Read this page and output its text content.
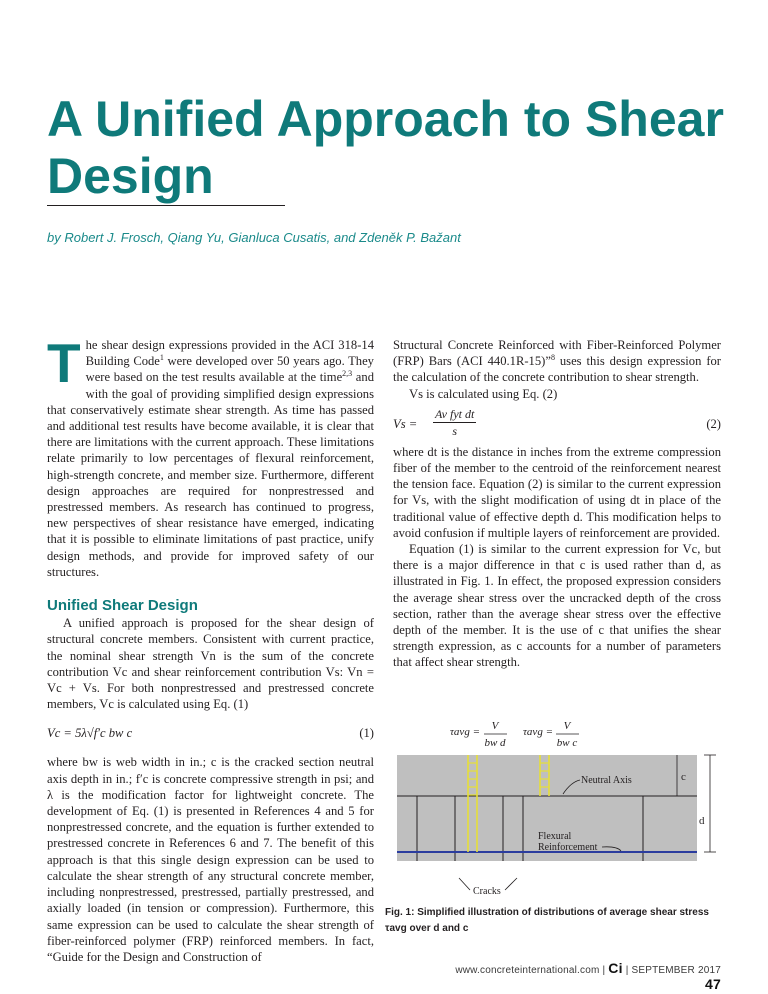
A Unified Approach to Shear Design
by Robert J. Frosch, Qiang Yu, Gianluca Cusatis, and Zdeněk P. Bažant

The shear design expressions provided in the ACI 318-14 Building Code$^1$ were developed over 50 years ago. They were based on the test results available at the time$^{2,3}$ and with the goal of providing simplified design expressions that conservatively estimate shear strength. As time has passed and additional test results have become available, it is clear that there are limitations with the current approach. These limitations relate primarily to low percentages of flexural reinforcement, high-strength concrete, and member size. Furthermore, different design approaches are required for nonprestressed and prestressed members. As research has continued to progress, new perspectives of shear resistance have emerged, indicating that it is possible to eliminate limitations of past practice, unify design methods, and provide for improved safety of our structures.

Unified Shear Design

A unified approach is proposed for the shear design of structural concrete members. Consistent with current practice, the nominal shear strength Vn is the sum of the concrete contribution Vc and shear reinforcement contribution Vs: Vn = Vc + Vs. For both nonprestressed and prestressed concrete members, Vc is calculated using Eq. (1)

Vc = 5λ√f′c bw c	(1)

where bw is web width in in.; c is the cracked section neutral axis depth in in.; f′c is concrete compressive strength in psi; and λ is the modification factor for lightweight concrete. The development of Eq. (1) is presented in References 4 and 5 for nonprestressed concrete, and the equation is further extended to prestressed concrete in References 6 and 7. The benefit of this approach is that this single design expression can be used to calculate the shear strength of any structural concrete member, including nonprestressed, prestressed, partially prestressed, and axially loaded (in tension or compression). Furthermore, this same expression can be used to calculate the shear strength of fiber-reinforced polymer (FRP) reinforced members. In fact, “Guide for the Design and Construction of

Structural Concrete Reinforced with Fiber-Reinforced Polymer (FRP) Bars (ACI 440.1R-15)”$^8$ uses this design expression for the calculation of the concrete contribution to shear strength.

Vs is calculated using Eq. (2)

Vs =
Av fyt dt
s
(2)

where dt is the distance in inches from the extreme compression fiber of the member to the centroid of the reinforcement nearest the tension face. Equation (2) is similar to the current expression for Vs, with the slight modification of using dt in place of the traditional value of effective depth d. This modification helps to avoid confusion if multiple layers of reinforcement are provided.

Equation (1) is similar to the current expression for Vc, but there is a major difference in that c is used rather than d, as illustrated in Fig. 1. In effect, the proposed expression considers the average shear stress over the uncracked depth of the cross section, rather than the average shear stress over the effective depth of the member. It is the use of c that unifies the shear strength expression, as c accounts for a number of parameters that affect shear strength.

τavg = V
bw d
τavg = V
bw c
Neutral Axis
Flexural
Reinforcement
Cracks
c
d
Fig. 1: Simplified illustration of distributions of average shear stress τavg over d and c
www.concreteinternational.com | Ci | SEPTEMBER 2017 47
